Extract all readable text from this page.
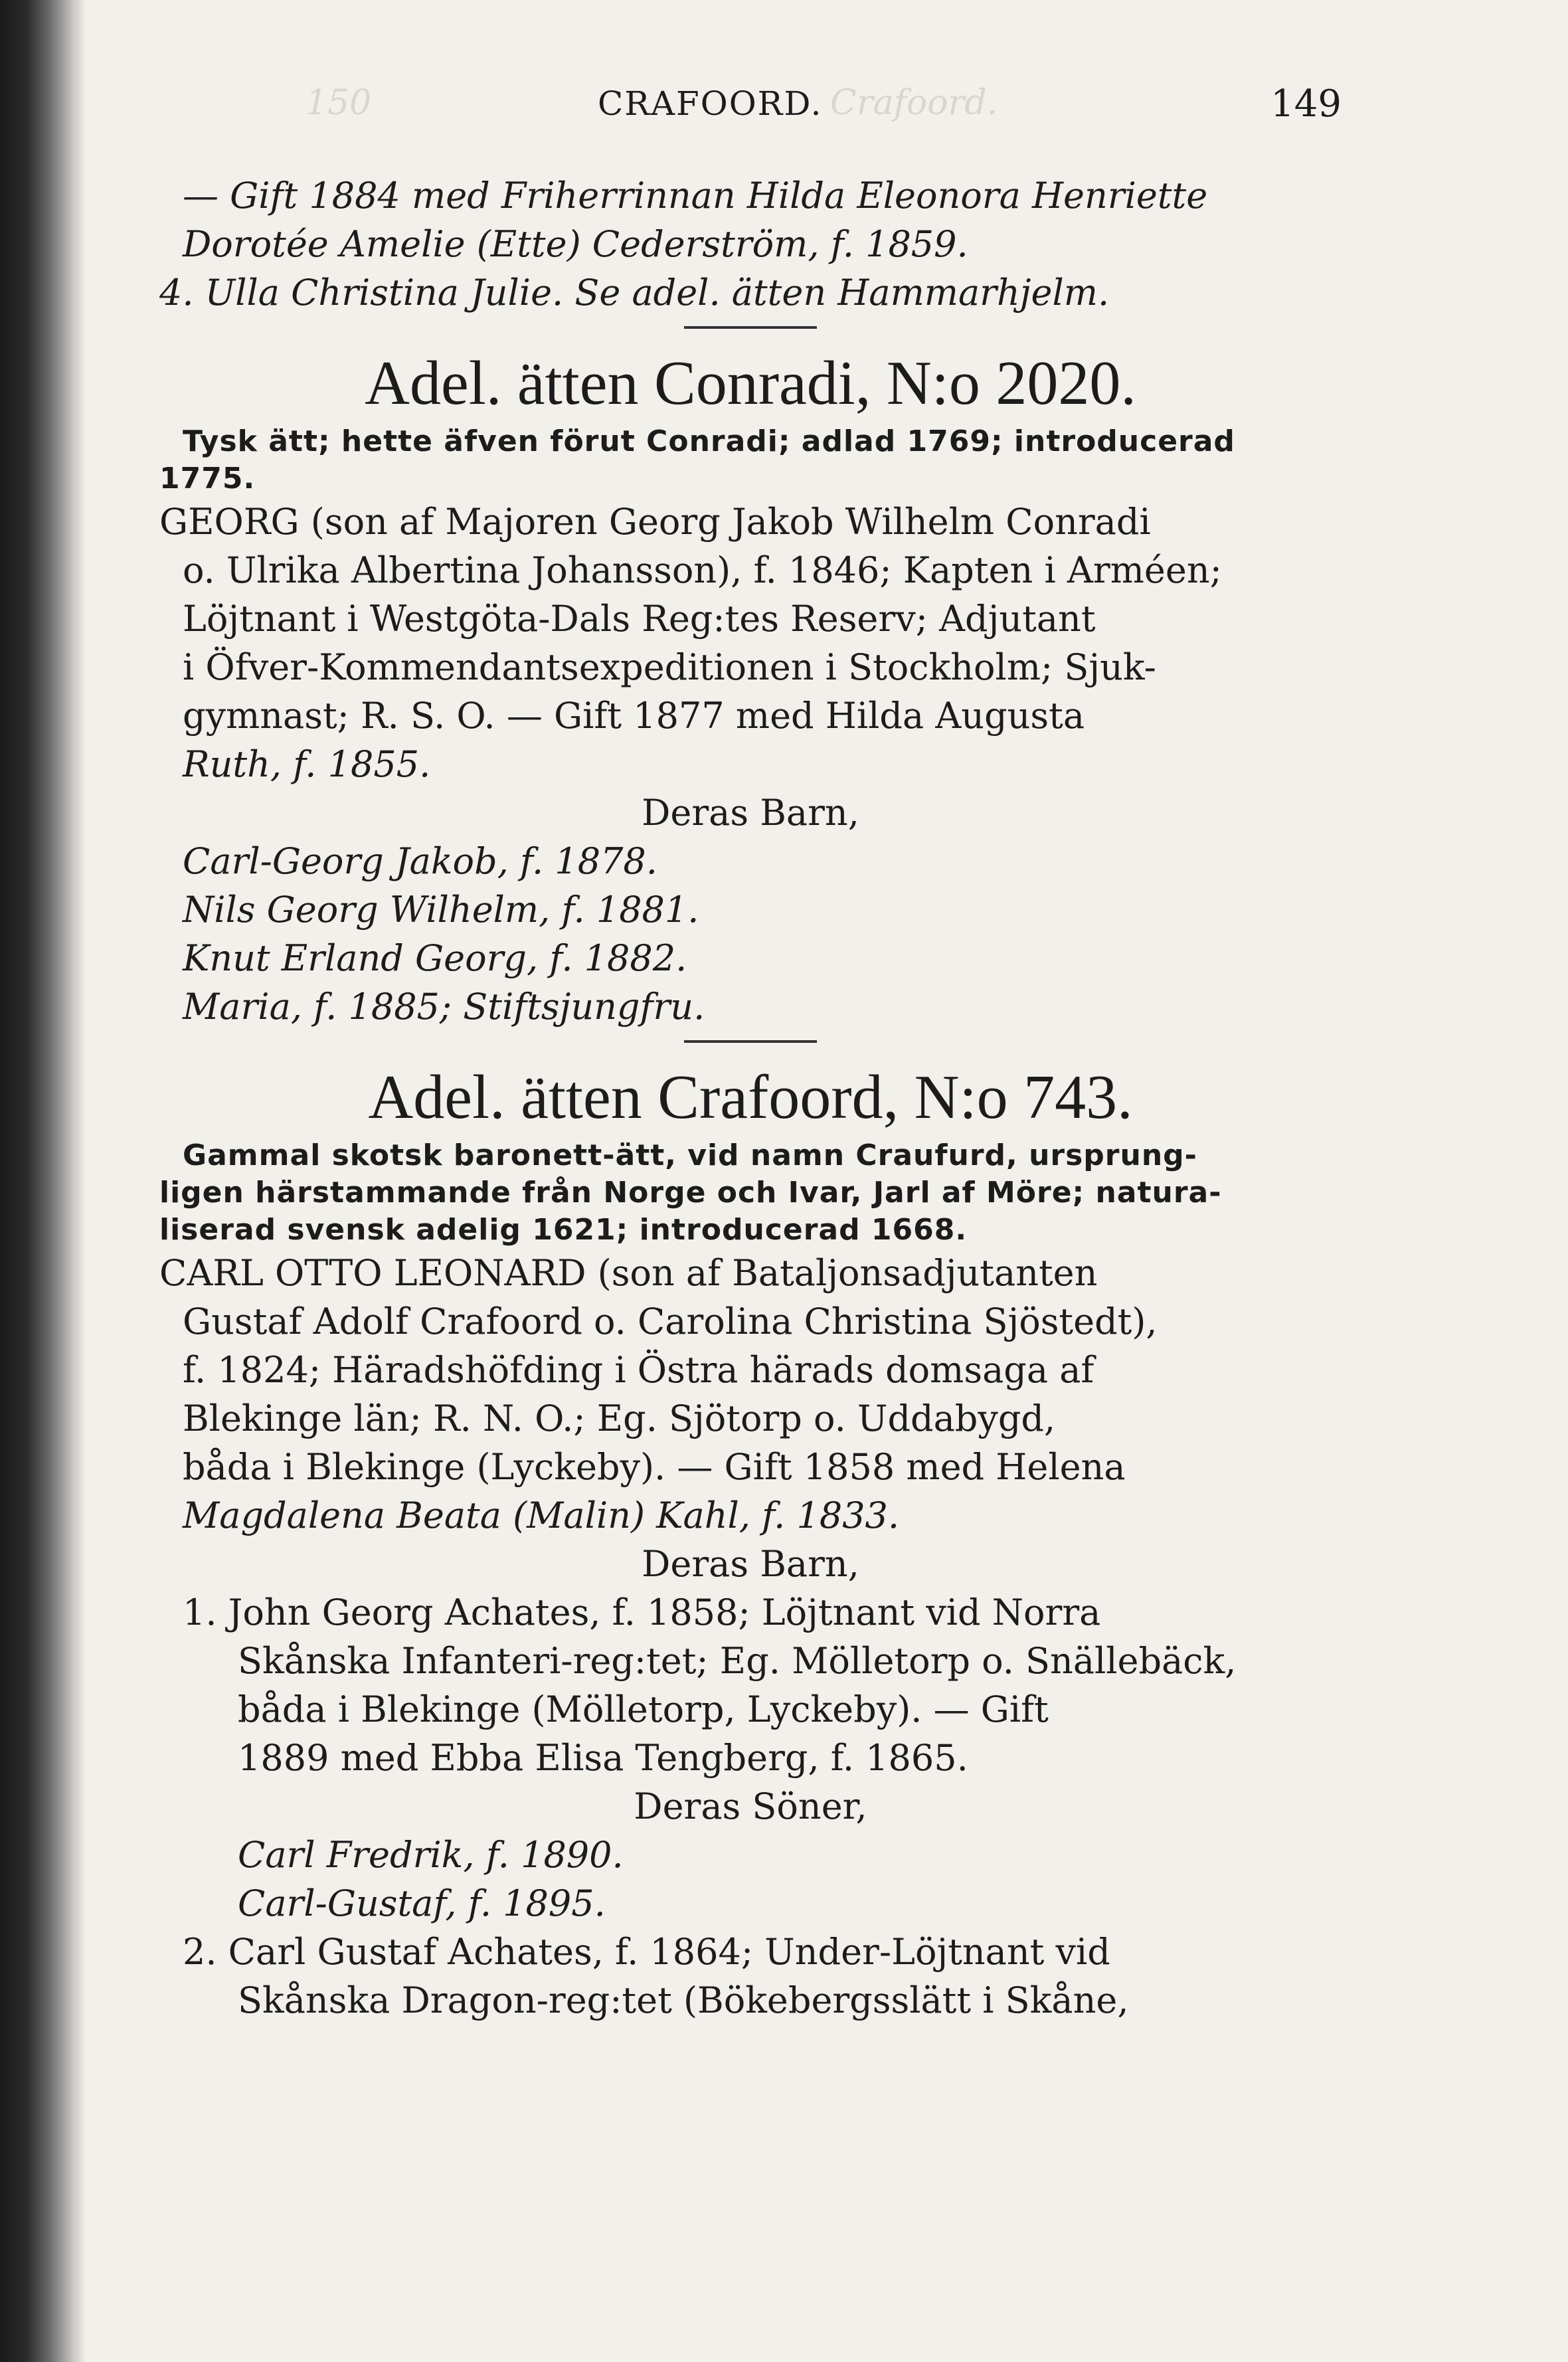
150	Crafoord.
CRAFOORD.	149
— Gift 1884 med Friherrinnan Hilda Eleonora Henriette
Dorotée Amelie (Ette) Cederström, f. 1859.
4. Ulla Christina Julie. Se adel. ätten Hammarhjelm.
Adel. ätten Conradi, N:o 2020.
Tysk ätt; hette äfven förut Conradi; adlad 1769; introducerad
1775.
GEORG (son af Majoren Georg Jakob Wilhelm Conradi
o. Ulrika Albertina Johansson), f. 1846; Kapten i Arméen;
Löjtnant i Westgöta-Dals Reg:tes Reserv; Adjutant
i Öfver-Kommendantsexpeditionen i Stockholm; Sjuk-
gymnast; R. S. O. — Gift 1877 med Hilda Augusta
Ruth, f. 1855.
Deras Barn,
Carl-Georg Jakob, f. 1878.
Nils Georg Wilhelm, f. 1881.
Knut Erland Georg, f. 1882.
Maria, f. 1885; Stiftsjungfru.
Adel. ätten Crafoord, N:o 743.
Gammal skotsk baronett-ätt, vid namn Craufurd, ursprung-
ligen härstammande från Norge och Ivar, Jarl af Möre; natura-
liserad svensk adelig 1621; introducerad 1668.
CARL OTTO LEONARD (son af Bataljonsadjutanten
Gustaf Adolf Crafoord o. Carolina Christina Sjöstedt),
f. 1824; Häradshöfding i Östra härads domsaga af
Blekinge län; R. N. O.; Eg. Sjötorp o. Uddabygd,
båda i Blekinge (Lyckeby). — Gift 1858 med Helena
Magdalena Beata (Malin) Kahl, f. 1833.
Deras Barn,
1. John Georg Achates, f. 1858; Löjtnant vid Norra
Skånska Infanteri-reg:tet; Eg. Mölletorp o. Snällebäck,
båda i Blekinge (Mölletorp, Lyckeby). — Gift
1889 med Ebba Elisa Tengberg, f. 1865.
Deras Söner,
Carl Fredrik, f. 1890.
Carl-Gustaf, f. 1895.
2. Carl Gustaf Achates, f. 1864; Under-Löjtnant vid
Skånska Dragon-reg:tet (Bökebergsslätt i Skåne,
